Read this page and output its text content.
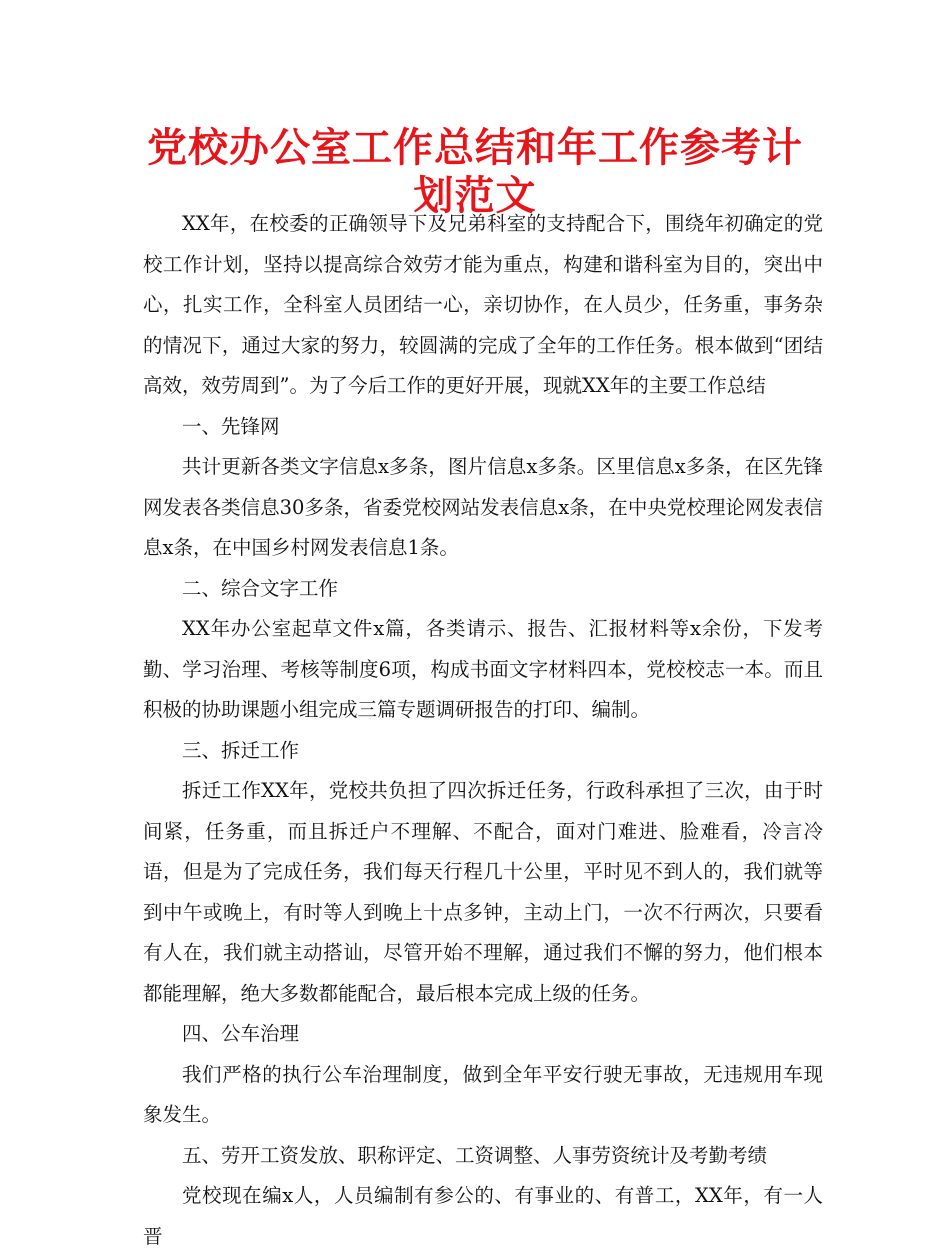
党校办公室工作总结和年工作参考计划范文

XX年，在校委的正确领导下及兄弟科室的支持配合下，围绕年初确定的党校工作计划，坚持以提高综合效劳才能为重点，构建和谐科室为目的，突出中心，扎实工作，全科室人员团结一心，亲切协作，在人员少，任务重，事务杂的情况下，通过大家的努力，较圆满的完成了全年的工作任务。根本做到“团结高效，效劳周到”。为了今后工作的更好开展，现就XX年的主要工作总结

一、先锋网

共计更新各类文字信息x多条，图片信息x多条。区里信息x多条，在区先锋网发表各类信息30多条，省委党校网站发表信息x条，在中央党校理论网发表信息x条，在中国乡村网发表信息1条。

二、综合文字工作

XX年办公室起草文件x篇，各类请示、报告、汇报材料等x余份，下发考勤、学习治理、考核等制度6项，构成书面文字材料四本，党校校志一本。而且积极的协助课题小组完成三篇专题调研报告的打印、编制。

三、拆迁工作

拆迁工作XX年，党校共负担了四次拆迁任务，行政科承担了三次，由于时间紧，任务重，而且拆迁户不理解、不配合，面对门难进、脸难看，冷言冷语，但是为了完成任务，我们每天行程几十公里，平时见不到人的，我们就等到中午或晚上，有时等人到晚上十点多钟，主动上门，一次不行两次，只要看有人在，我们就主动搭讪，尽管开始不理解，通过我们不懈的努力，他们根本都能理解，绝大多数都能配合，最后根本完成上级的任务。

四、公车治理

我们严格的执行公车治理制度，做到全年平安行驶无事故，无违规用车现象发生。

五、劳开工资发放、职称评定、工资调整、人事劳资统计及考勤考绩

党校现在编x人，人员编制有参公的、有事业的、有普工，XX年，有一人晋
